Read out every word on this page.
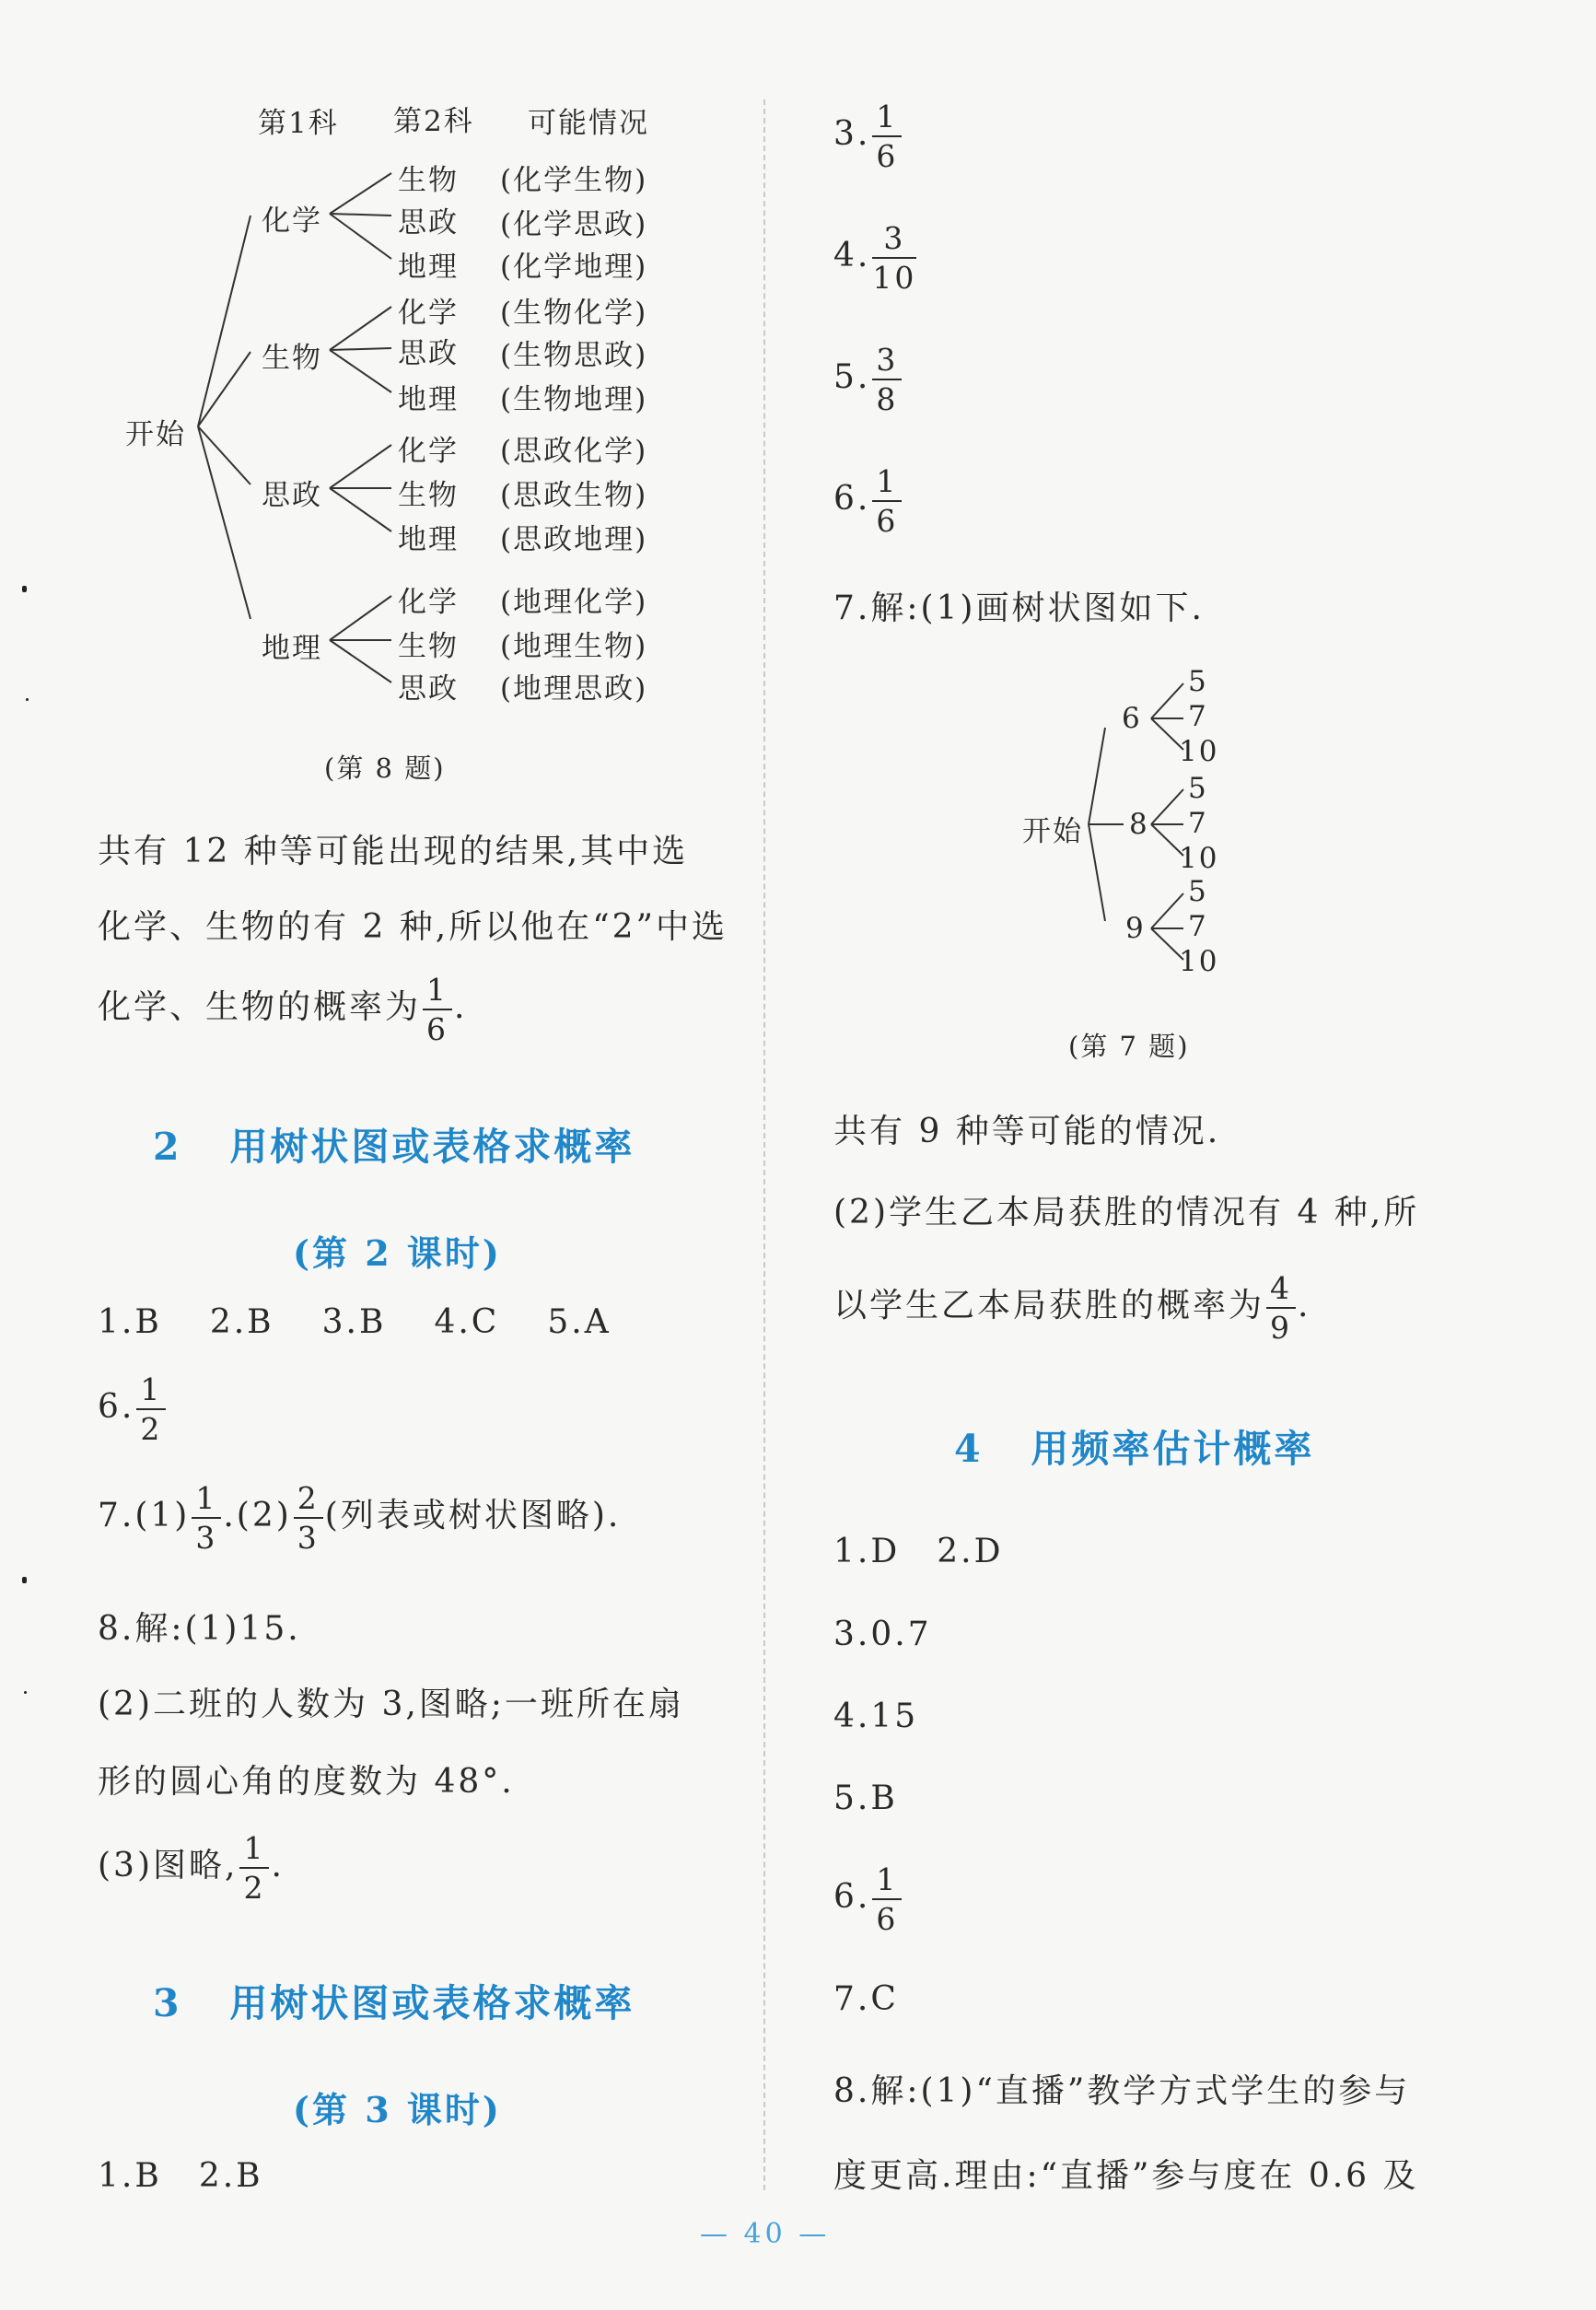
第1科 第2科 可能情况
开始
化学
生物
思政
地理
生物 (化学生物)
思政 (化学思政)
地理 (化学地理)
化学 (生物化学)
思政 (生物思政)
地理 (生物地理)
化学 (思政化学)
生物 (思政生物)
地理 (思政地理)
化学 (地理化学)
生物 (地理生物)
思政 (地理思政)
(第 8 题)
共有 12 种等可能出现的结果,其中选
化学、生物的有 2 种,所以他在“2”中选
化学、生物的概率为 $\frac{1}{6}$ .
2 用树状图或表格求概率
(第 2 课时)
1.B 2.B 3.B 4.C 5.A
6. $\frac{1}{2}$
$7.(1) \frac{1}{3} .(2) \frac{2}{3}$ (列表或树状图略).
8.解:(1)15.
(2)二班的人数为 3,图略;一班所在扇
形的圆心角的度数为 48°.
(3)图略, $\frac{1}{2}$ .
3 用树状图或表格求概率
(第 3 课时)
1.B 2.B
3. $\frac{1}{6}$
4. $\frac{3}{10}$
5. $\frac{3}{8}$
6. $\frac{1}{6}$
7.解:(1)画树状图如下.
开始
6
5
7
10
8
5
7
10
9
5
7
10
(第 7 题)
共有 9 种等可能的情况.
(2)学生乙本局获胜的情况有 4 种,所
以学生乙本局获胜的概率为 $\frac{4}{9}$ .
4 用频率估计概率
1.D 2.D
3.0.7
4.15
5.B
6. $\frac{1}{6}$
7.C
8.解:(1)“直播”教学方式学生的参与
度更高.理由:“直播”参与度在 0.6 及
— 40 —
